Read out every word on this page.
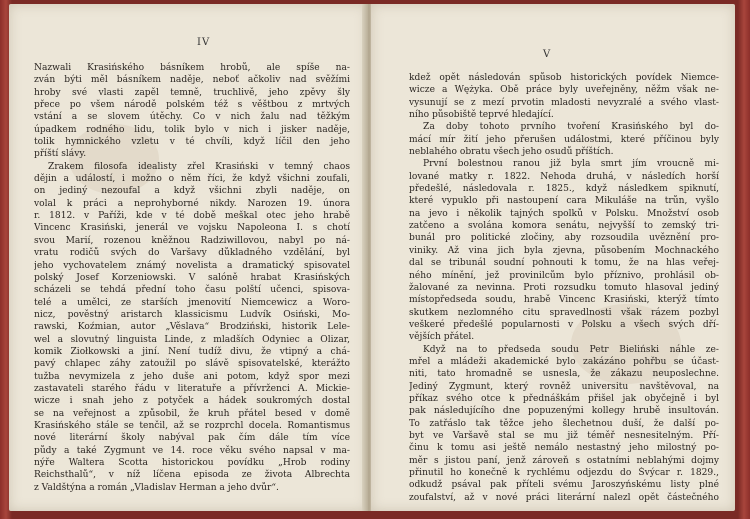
IV
Nazwali Krasińského básníkem hrobů, ale spíše na-
zván býti měl básníkem naděje, neboť ačkoliv nad svěžími
hroby své vlasti zapěl temně, truchlivě, jeho zpěvy šly
přece po všem národě polském též s věštbou z mrtvých
vstání a se slovem útěchy. Co v nich žalu nad těžkým
úpadkem rodného lidu, tolik bylo v nich i jisker naděje,
tolik hymnického vzletu v té chvíli, když líčil den jeho
příští slávy.
Zrakem filosofa idealisty zřel Krasiński v temný chaos
dějin a událostí, i možno o něm říci, že když všichni zoufali,
on jediný nezoufal a když všichni zbyli naděje, on
volal k práci a neprohyborné nikdy. Narozen 19. února
r. 1812. v Paříži, kde v té době meškal otec jeho hrabě
Vincenc Krasiński, jenerál ve vojsku Napoleona I. s chotí
svou Marií, rozenou kněžnou Radziwillovou, nabyl po ná-
vratu rodičů svých do Varšavy důkladného vzdělání, byl
jeho vychovatelem známý novelista a dramatický spisovatel
polský Josef Korzeniowski. V salóně hrabat Krasińských
scházeli se tehdá přední toho času polští učenci, spisova-
telé a umělci, ze starších jmenovití Niemcewicz a Woro-
nicz, pověstný aristarch klassicismu Ludvík Osiński, Mo-
rawski, Koźmian, autor „Věslava“ Brodziński, historik Lele-
wel a slovutný linguista Linde, z mladších Odyniec a Olizar,
komik Ziołkowski a jiní. Není tudíž divu, že vtipný a chá-
pavý chlapec záhy zatoužil po slávě spisovatelské, kterážto
tužba nevymizela z jeho duše ani potom, když spor mezi
zastavateli starého řádu v literatuře a přívrženci A. Mickie-
wicze i snah jeho z potyček a hádek soukromých dostal
se na veřejnost a způsobil, že kruh přátel besed v domě
Krasińského stále se tenčil, až se rozprchl docela. Romantismus
nové literární školy nabýval pak čím dále tím více
půdy a také Zygmunt ve 14. roce věku svého napsal v ma-
nýře Waltera Scotta historickou povídku „Hrob rodiny
Reichsthalů“, v níž líčena episoda ze života Albrechta
z Valdštýna a román „Vladislav Herman a jeho dvůr“.
V
kdež opět následován spůsob historických povídek Niemce-
wicze a Wężyka. Obě práce byly uveřejněny, něžm však ne-
vysunují se z mezí prvotin mladosti nevyzralé a svého vlast-
ního působiště teprvé hledající.
Za doby tohoto prvního tvoření Krasińského byl do-
mácí mír žití jeho přerušen událostmi, které příčinou byly
neblahého obratu všech jeho osudů příštích.
První bolestnou ranou již byla smrt jím vroucně mi-
lované matky r. 1822. Nehoda druhá, v následích horší
předešlé, následovala r. 1825., když následkem spiknutí,
které vypuklo při nastoupení cara Mikuláše na trůn, vyšlo
na jevo i několik tajných spolků v Polsku. Množství osob
zatčeno a svolána komora senátu, nejvyšší to zemský tri-
bunál pro politické zločiny, aby rozsoudila uvěznění pro-
viniky. Až vina jich byla zjevna, působením Mochnackého
dal se tribunál soudní pohnouti k tomu, že na hlas veřej-
ného mínění, jež provinilcům bylo příznivo, prohlásil ob-
žalované za nevinna. Proti rozsudku tomuto hlasoval jediný
místopředseda soudu, hrabě Vincenc Krasiński, kterýž tímto
skutkem nezlomného citu spravedlnosti však rázem pozbyl
veškeré předešlé popularnosti v Polsku a všech svých dří-
vějších přátel.
Když na to předseda soudu Petr Bieliński náhle ze-
mřel a mládeži akademické bylo zakázáno pohřbu se účast-
niti, tato hromadně se usnesla, že zákazu neuposlechne.
Jediný Zygmunt, který rovněž universitu navštěvoval, na
příkaz svého otce k přednáškám přišel jak obyčejně i byl
pak následujícího dne popuzenými kollegy hrubě insultován.
To zatřáslo tak těžce jeho šlechetnou duší, že další po-
byt ve Varšavě stal se mu již téměř nesnesitelným. Pří-
činu k tomu asi ještě nemálo nestastný jeho milostný po-
měr s jistou paní, jenž zároveň s ostatními neblahými dojmy
přinutil ho konečně k rychlému odjezdu do Švýcar r. 1829.,
odkudž psával pak příteli svému Jaroszyńskému listy plné
zoufalství, až v nové práci literární nalezl opět částečného
